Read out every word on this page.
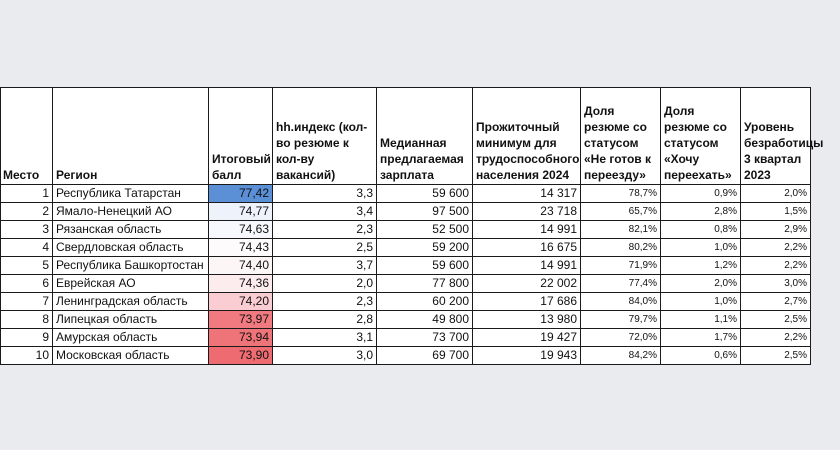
Место	Регион	Итоговый балл	hh.индекс (кол-во резюме к кол-ву вакансий)	Медианная предлагаемая зарплата	Прожиточный минимум для трудоспособного населения 2024	Доля резюме со статусом «Не готов к переезду»	Доля резюме со статусом «Хочу переехать»	Уровень безработицы 3 квартал 2023
1	Республика Татарстан	77,42	3,3	59 600	14 317	78,7%	0,9%	2,0%
2	Ямало-Ненецкий АО	74,77	3,4	97 500	23 718	65,7%	2,8%	1,5%
3	Рязанская область	74,63	2,3	52 500	14 991	82,1%	0,8%	2,9%
4	Свердловская область	74,43	2,5	59 200	16 675	80,2%	1,0%	2,2%
5	Республика Башкортостан	74,40	3,7	59 600	14 991	71,9%	1,2%	2,2%
6	Еврейская АО	74,36	2,0	77 800	22 002	77,4%	2,0%	3,0%
7	Ленинградская область	74,20	2,3	60 200	17 686	84,0%	1,0%	2,7%
8	Липецкая область	73,97	2,8	49 800	13 980	79,7%	1,1%	2,5%
9	Амурская область	73,94	3,1	73 700	19 427	72,0%	1,7%	2,2%
10	Московская область	73,90	3,0	69 700	19 943	84,2%	0,6%	2,5%
